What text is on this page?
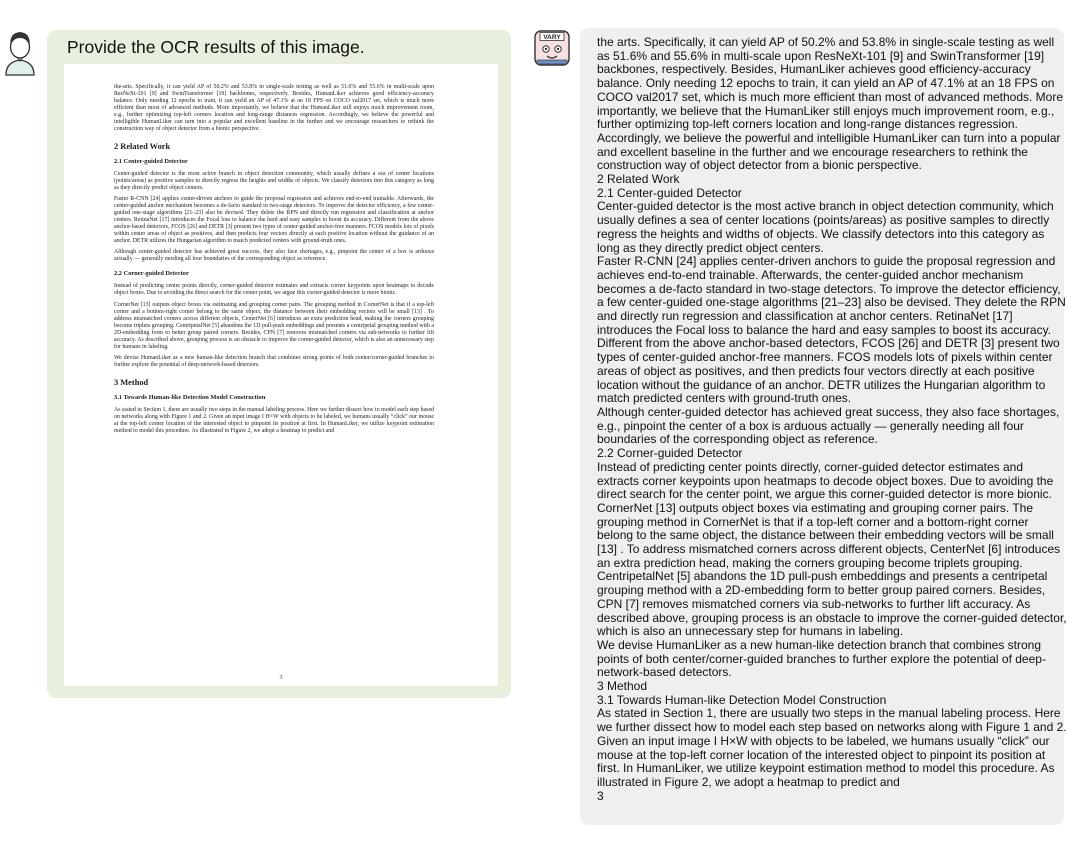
Provide the OCR results of this image.
the-arts. Specifically, it can yield AP of 50.2% and 53.8% in single-scale testing as well as 51.6% and 55.6% in multi-scale upon ResNeXt-101 [9] and SwinTransformer [19] backbones, respectively. Besides, HumanLiker achieves good efficiency-accuracy balance. Only needing 12 epochs to train, it can yield an AP of 47.1% at an 18 FPS on COCO val2017 set, which is much more efficient than most of advanced methods. More importantly, we believe that the HumanLiker still enjoys much improvement room, e.g., further optimizing top-left corners location and long-range distances regression. Accordingly, we believe the powerful and intelligible HumanLiker can turn into a popular and excellent baseline in the further and we encourage researchers to rethink the construction way of object detector from a bionic perspective.
2 Related Work
2.1 Center-guided Detector
Center-guided detector is the most active branch in object detection community, which usually defines a sea of center locations (points/areas) as positive samples to directly regress the heights and widths of objects. We classify detectors into this category as long as they directly predict object centers.
Faster R-CNN [24] applies center-driven anchors to guide the proposal regression and achieves end-to-end trainable. Afterwards, the center-guided anchor mechanism becomes a de-facto standard in two-stage detectors. To improve the detector efficiency, a few center-guided one-stage algorithms [21–23] also be devised. They delete the RPN and directly run regression and classification at anchor centers. RetinaNet [17] introduces the Focal loss to balance the hard and easy samples to boost its accuracy. Different from the above anchor-based detectors, FCOS [26] and DETR [3] present two types of center-guided anchor-free manners. FCOS models lots of pixels within center areas of object as positives, and then predicts four vectors directly at each positive location without the guidance of an anchor. DETR utilizes the Hungarian algorithm to match predicted centers with ground-truth ones.
Although center-guided detector has achieved great success, they also face shortages, e.g., pinpoint the center of a box is arduous actually — generally needing all four boundaries of the corresponding object as reference.
2.2 Corner-guided Detector
Instead of predicting center points directly, corner-guided detector estimates and extracts corner keypoints upon heatmaps to decode object boxes. Due to avoiding the direct search for the center point, we argue this corner-guided detector is more bionic.
CornerNet [13] outputs object boxes via estimating and grouping corner pairs. The grouping method in CornerNet is that if a top-left corner and a bottom-right corner belong to the same object, the distance between their embedding vectors will be small [13] . To address mismatched corners across different objects, CenterNet [6] introduces an extra prediction head, making the corners grouping become triplets grouping. CentripetalNet [5] abandons the 1D pull-push embeddings and presents a centripetal grouping method with a 2D-embedding form to better group paired corners. Besides, CPN [7] removes mismatched corners via sub-networks to further lift accuracy. As described above, grouping process is an obstacle to improve the corner-guided detector, which is also an unnecessary step for humans in labeling.
We devise HumanLiker as a new human-like detection branch that combines strong points of both center/corner-guided branches to further explore the potential of deep-network-based detectors.
3 Method
3.1 Towards Human-like Detection Model Construction
As stated in Section 1, there are usually two steps in the manual labeling process. Here we further dissect how to model each step based on networks along with Figure 1 and 2. Given an input image I H×W with objects to be labeled, we humans usually “click” our mouse at the top-left corner location of the interested object to pinpoint its position at first. In HumanLiker, we utilize keypoint estimation method to model this procedure. As illustrated in Figure 2, we adopt a heatmap to predict and
3
VARY	the arts. Specifically, it can yield AP of 50.2% and 53.8% in single-scale testing as well

as 51.6% and 55.6% in multi-scale upon ResNeXt-101 [9] and SwinTransformer [19]

backbones, respectively. Besides, HumanLiker achieves good efficiency-accuracy

balance. Only needing 12 epochs to train, it can yield an AP of 47.1% at an 18 FPS on

COCO val2017 set, which is much more efficient than most of advanced methods. More

importantly, we believe that the HumanLiker still enjoys much improvement room, e.g.,

further optimizing top-left corners location and long-range distances regression.

Accordingly, we believe the powerful and intelligible HumanLiker can turn into a popular

and excellent baseline in the further and we encourage researchers to rethink the

construction way of object detector from a bionic perspective.

2 Related Work

2.1 Center-guided Detector

Center-guided detector is the most active branch in object detection community, which

usually defines a sea of center locations (points/areas) as positive samples to directly

regress the heights and widths of objects. We classify detectors into this category as

long as they directly predict object centers.

Faster R-CNN [24] applies center-driven anchors to guide the proposal regression and

achieves end-to-end trainable. Afterwards, the center-guided anchor mechanism

becomes a de-facto standard in two-stage detectors. To improve the detector efficiency,

a few center-guided one-stage algorithms [21–23] also be devised. They delete the RPN

and directly run regression and classification at anchor centers. RetinaNet [17]

introduces the Focal loss to balance the hard and easy samples to boost its accuracy.

Different from the above anchor-based detectors, FCOS [26] and DETR [3] present two

types of center-guided anchor-free manners. FCOS models lots of pixels within center

areas of object as positives, and then predicts four vectors directly at each positive

location without the guidance of an anchor. DETR utilizes the Hungarian algorithm to

match predicted centers with ground-truth ones.

Although center-guided detector has achieved great success, they also face shortages,

e.g., pinpoint the center of a box is arduous actually — generally needing all four

boundaries of the corresponding object as reference.

2.2 Corner-guided Detector

Instead of predicting center points directly, corner-guided detector estimates and

extracts corner keypoints upon heatmaps to decode object boxes. Due to avoiding the

direct search for the center point, we argue this corner-guided detector is more bionic.

CornerNet [13] outputs object boxes via estimating and grouping corner pairs. The

grouping method in CornerNet is that if a top-left corner and a bottom-right corner

belong to the same object, the distance between their embedding vectors will be small

[13] . To address mismatched corners across different objects, CenterNet [6] introduces

an extra prediction head, making the corners grouping become triplets grouping.

CentripetalNet [5] abandons the 1D pull-push embeddings and presents a centripetal

grouping method with a 2D-embedding form to better group paired corners. Besides,

CPN [7] removes mismatched corners via sub-networks to further lift accuracy. As

described above, grouping process is an obstacle to improve the corner-guided detector,

which is also an unnecessary step for humans in labeling.

We devise HumanLiker as a new human-like detection branch that combines strong

points of both center/corner-guided branches to further explore the potential of deep-

network-based detectors.

3 Method

3.1 Towards Human-like Detection Model Construction

As stated in Section 1, there are usually two steps in the manual labeling process. Here

we further dissect how to model each step based on networks along with Figure 1 and 2.

Given an input image I H×W with objects to be labeled, we humans usually “click” our

mouse at the top-left corner location of the interested object to pinpoint its position at

first. In HumanLiker, we utilize keypoint estimation method to model this procedure. As

illustrated in Figure 2, we adopt a heatmap to predict and

3
